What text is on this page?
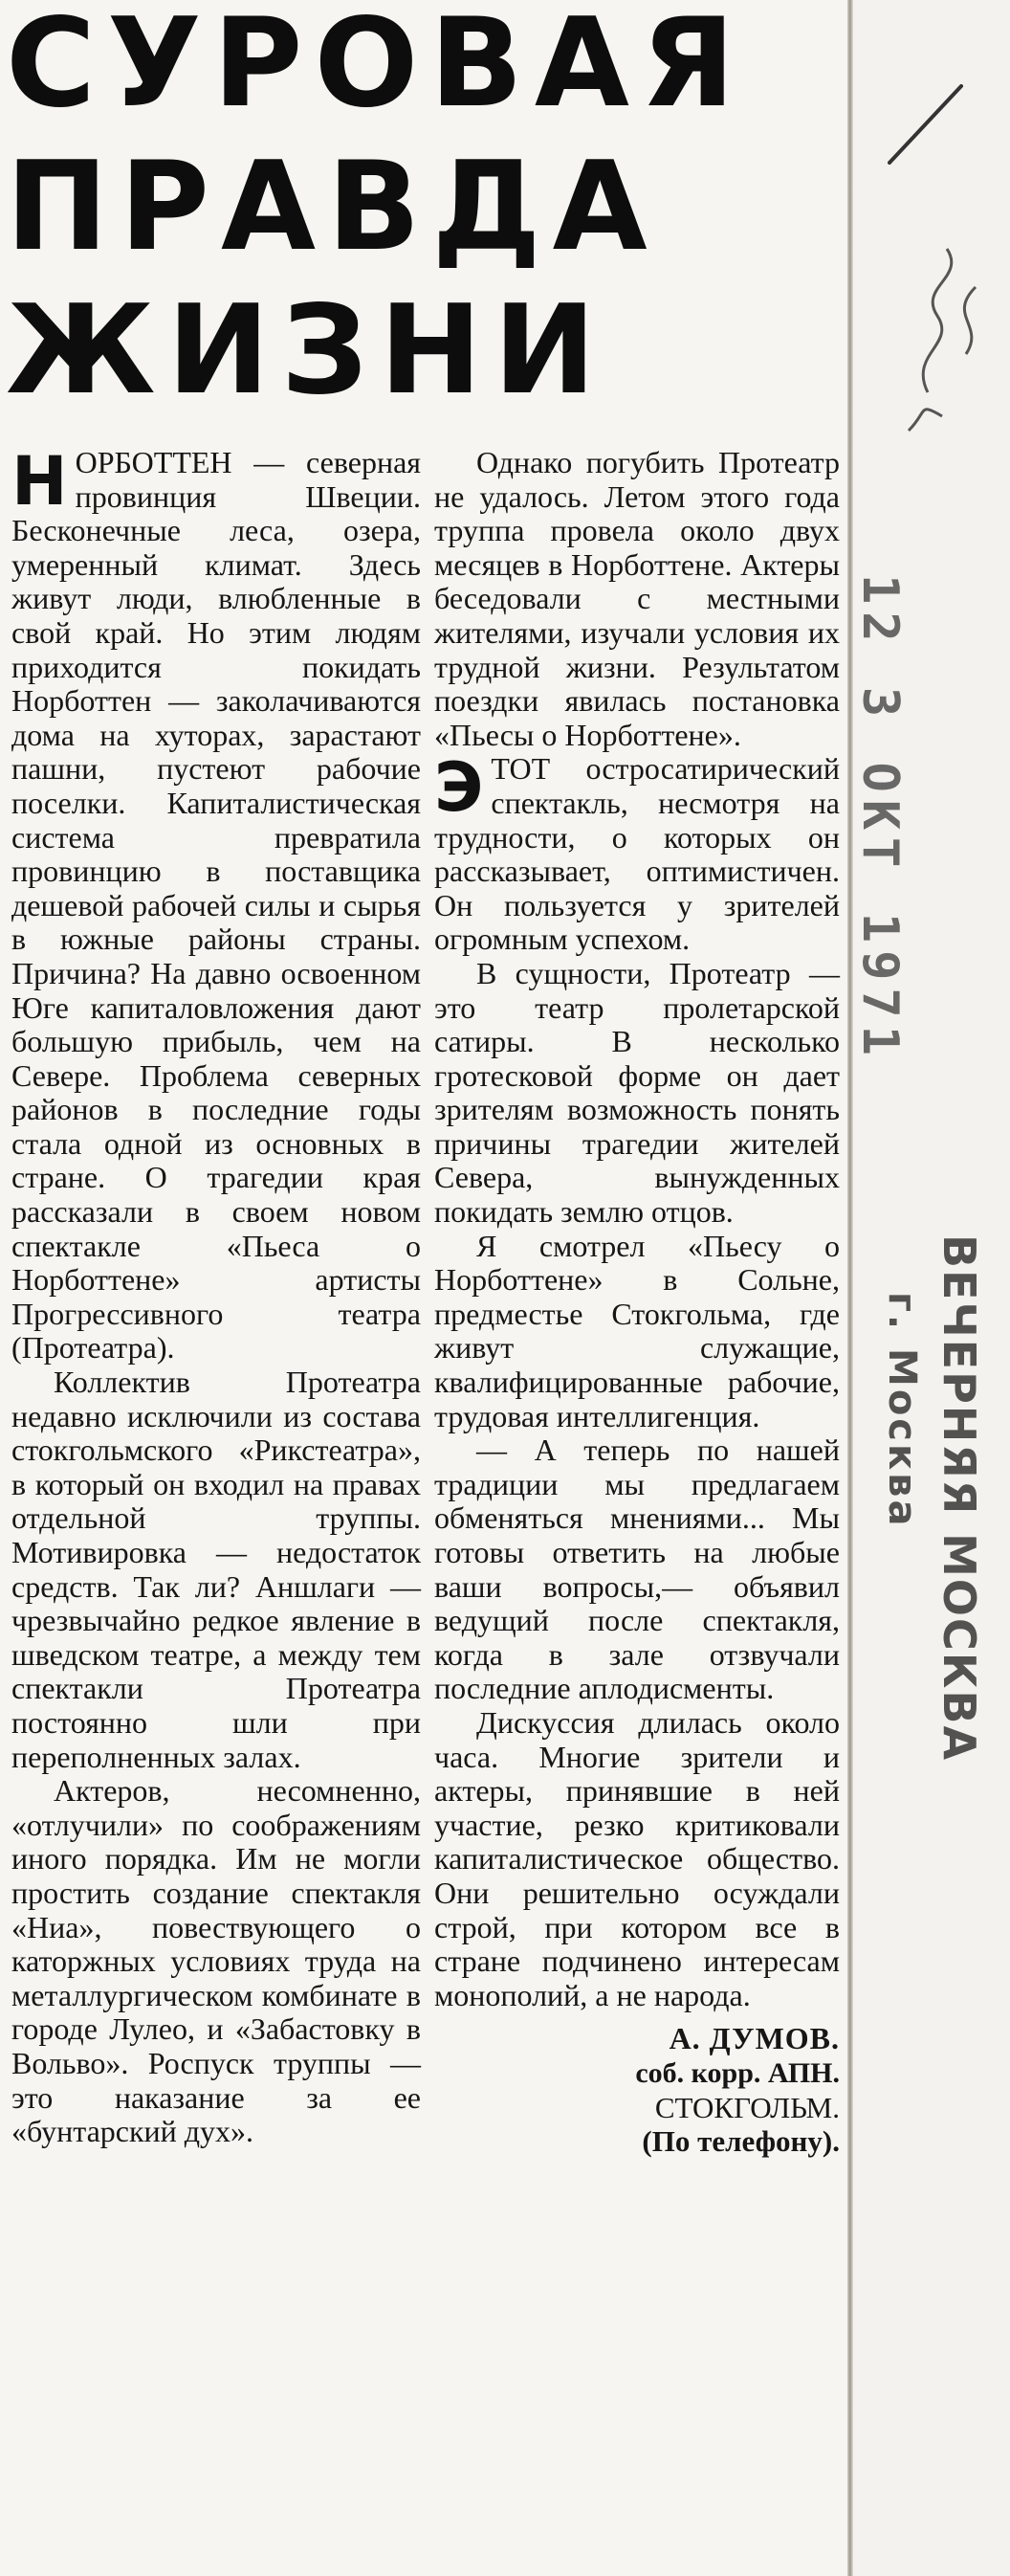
СУРОВАЯ
ПРАВДА
ЖИЗНИ

НОРБОТТЕН — северная провинция Швеции. Бесконечные леса, озера, умеренный климат. Здесь живут люди, влюбленные в свой край. Но этим людям приходится покидать Норботтен — заколачиваются дома на хуторах, зарастают пашни, пустеют рабочие поселки. Капиталистическая система превратила провинцию в поставщика дешевой рабочей силы и сырья в южные районы страны. Причина? На давно освоенном Юге капиталовложения дают большую прибыль, чем на Севере. Проблема северных районов в последние годы стала одной из основных в стране. О трагедии края рассказали в своем новом спектакле «Пьеса о Норботтене» артисты Прогрессивного театра (Протеатра).

Коллектив Протеатра недавно исключили из состава стокгольмского «Рикстеатра», в который он входил на правах отдельной труппы. Мотивировка — недостаток средств. Так ли? Аншлаги — чрезвычайно редкое явление в шведском театре, а между тем спектакли Протеатра постоянно шли при переполненных залах.

Актеров, несомненно, «отлучили» по соображениям иного порядка. Им не могли простить создание спектакля «Ниа», повествующего о каторжных условиях труда на металлургическом комбинате в городе Лулео, и «Забастовку в Вольво». Роспуск труппы — это наказание за ее «бунтарский дух».

Однако погубить Протеатр не удалось. Летом этого года труппа провела около двух месяцев в Норботтене. Актеры беседовали с местными жителями, изучали условия их трудной жизни. Результатом поездки явилась постановка «Пьесы о Норботтене».

ЭТОТ остросатирический спектакль, несмотря на трудности, о которых он рассказывает, оптимистичен. Он пользуется у зрителей огромным успехом.

В сущности, Протеатр — это театр пролетарской сатиры. В несколько гротесковой форме он дает зрителям возможность понять причины трагедии жителей Севера, вынужденных покидать землю отцов.

Я смотрел «Пьесу о Норботтене» в Сольне, предместье Стокгольма, где живут служащие, квалифицированные рабочие, трудовая интеллигенция.

— А теперь по нашей традиции мы предлагаем обменяться мнениями... Мы готовы ответить на любые ваши вопросы,— объявил ведущий после спектакля, когда в зале отзвучали последние аплодисменты.

Дискуссия длилась около часа. Многие зрители и актеры, принявшие в ней участие, резко критиковали капиталистическое общество. Они решительно осуждали строй, при котором все в стране подчинено интересам монополий, а не народа.

А. ДУМОВ.
соб. корр. АПН.
СТОКГОЛЬМ.
(По телефону).
12 3 ОКТ 1971
ВЕЧЕРНЯЯ МОСКВА
г. Москва
